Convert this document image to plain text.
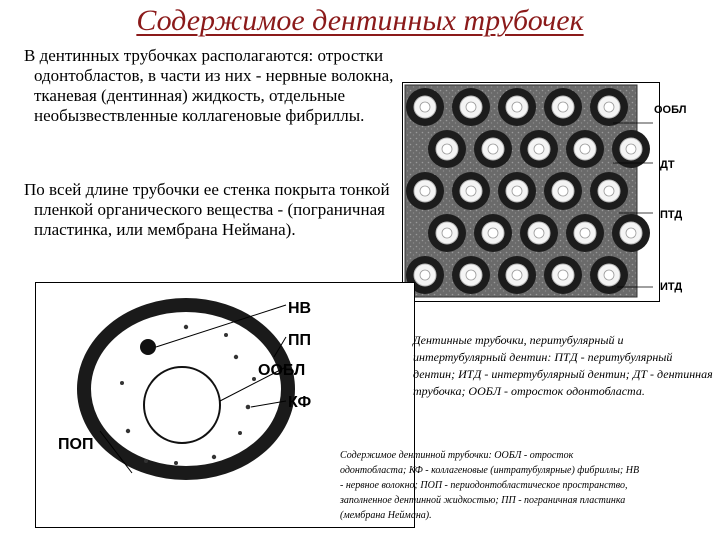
Содержимое дентинных трубочек

В дентинных трубочках располагаются: отростки одонтобластов, в части из них - нервные волокна, тканевая (дентинная) жидкость, отдельные необызвествленные коллагеновые фибриллы.

По всей длине трубочки ее стенка покрыта тонкой пленкой органического вещества - (пограничная пластинка, или мембрана Неймана).

ООБЛ
ДТ
ПТД
ИТД
НВ
ПП
ООБЛ
КФ
ПОП
Дентинные трубочки, перитубулярный и интертубулярный дентин: ПТД - перитубулярный дентин; ИТД - интертубулярный дентин; ДТ - дентинная трубочка; ООБЛ - отросток одонтобласта.
Содержимое дентинной трубочки: ООБЛ - отросток одонтобласта; КФ - коллагеновые (интратубулярные) фибриллы; НВ - нервное волокно; ПОП - периодонтобластическое пространство, заполненное дентинной жидкостью; ПП - пограничная пластинка (мембрана Неймана).
